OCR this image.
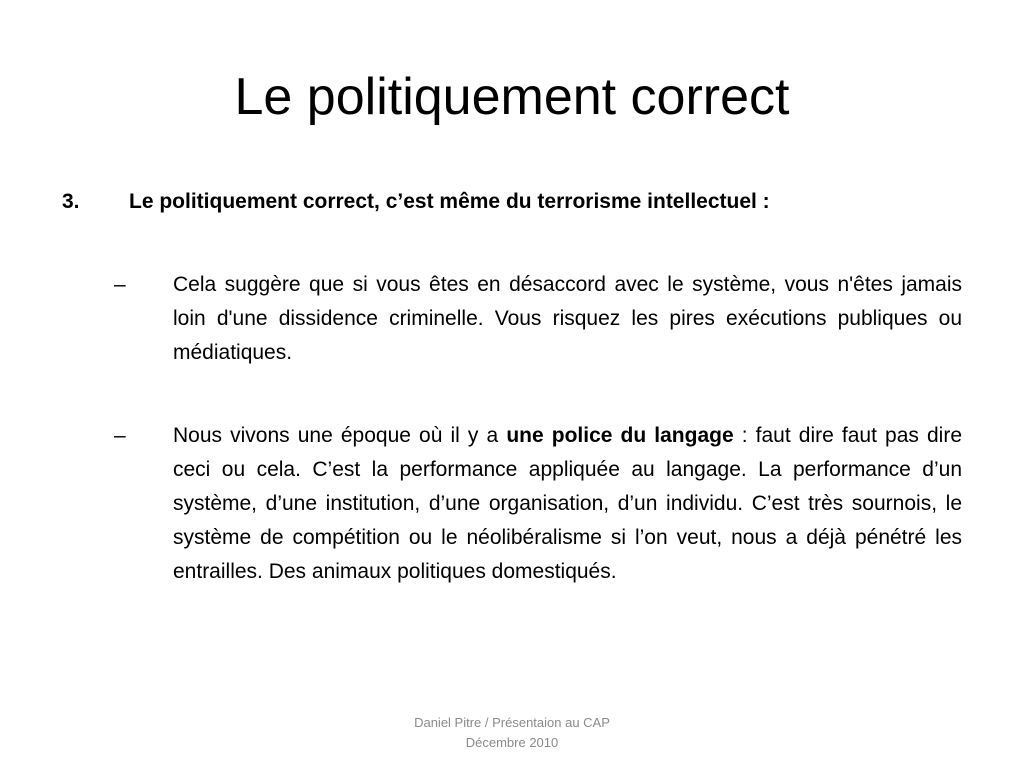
Le politiquement correct
3. Le politiquement correct, c’est même du terrorisme intellectuel :
– Cela suggère que si vous êtes en désaccord avec le système, vous n'êtes jamais loin d'une dissidence criminelle. Vous risquez les pires exécutions publiques ou médiatiques.
– Nous vivons une époque où il y a une police du langage : faut dire faut pas dire ceci ou cela. C’est la performance appliquée au langage. La performance d’un système, d’une institution, d’une organisation, d’un individu. C’est très sournois, le système de compétition ou le néolibéralisme si l’on veut, nous a déjà pénétré les entrailles. Des animaux politiques domestiqués.
Daniel Pitre / Présentaion au CAP
Décembre 2010
